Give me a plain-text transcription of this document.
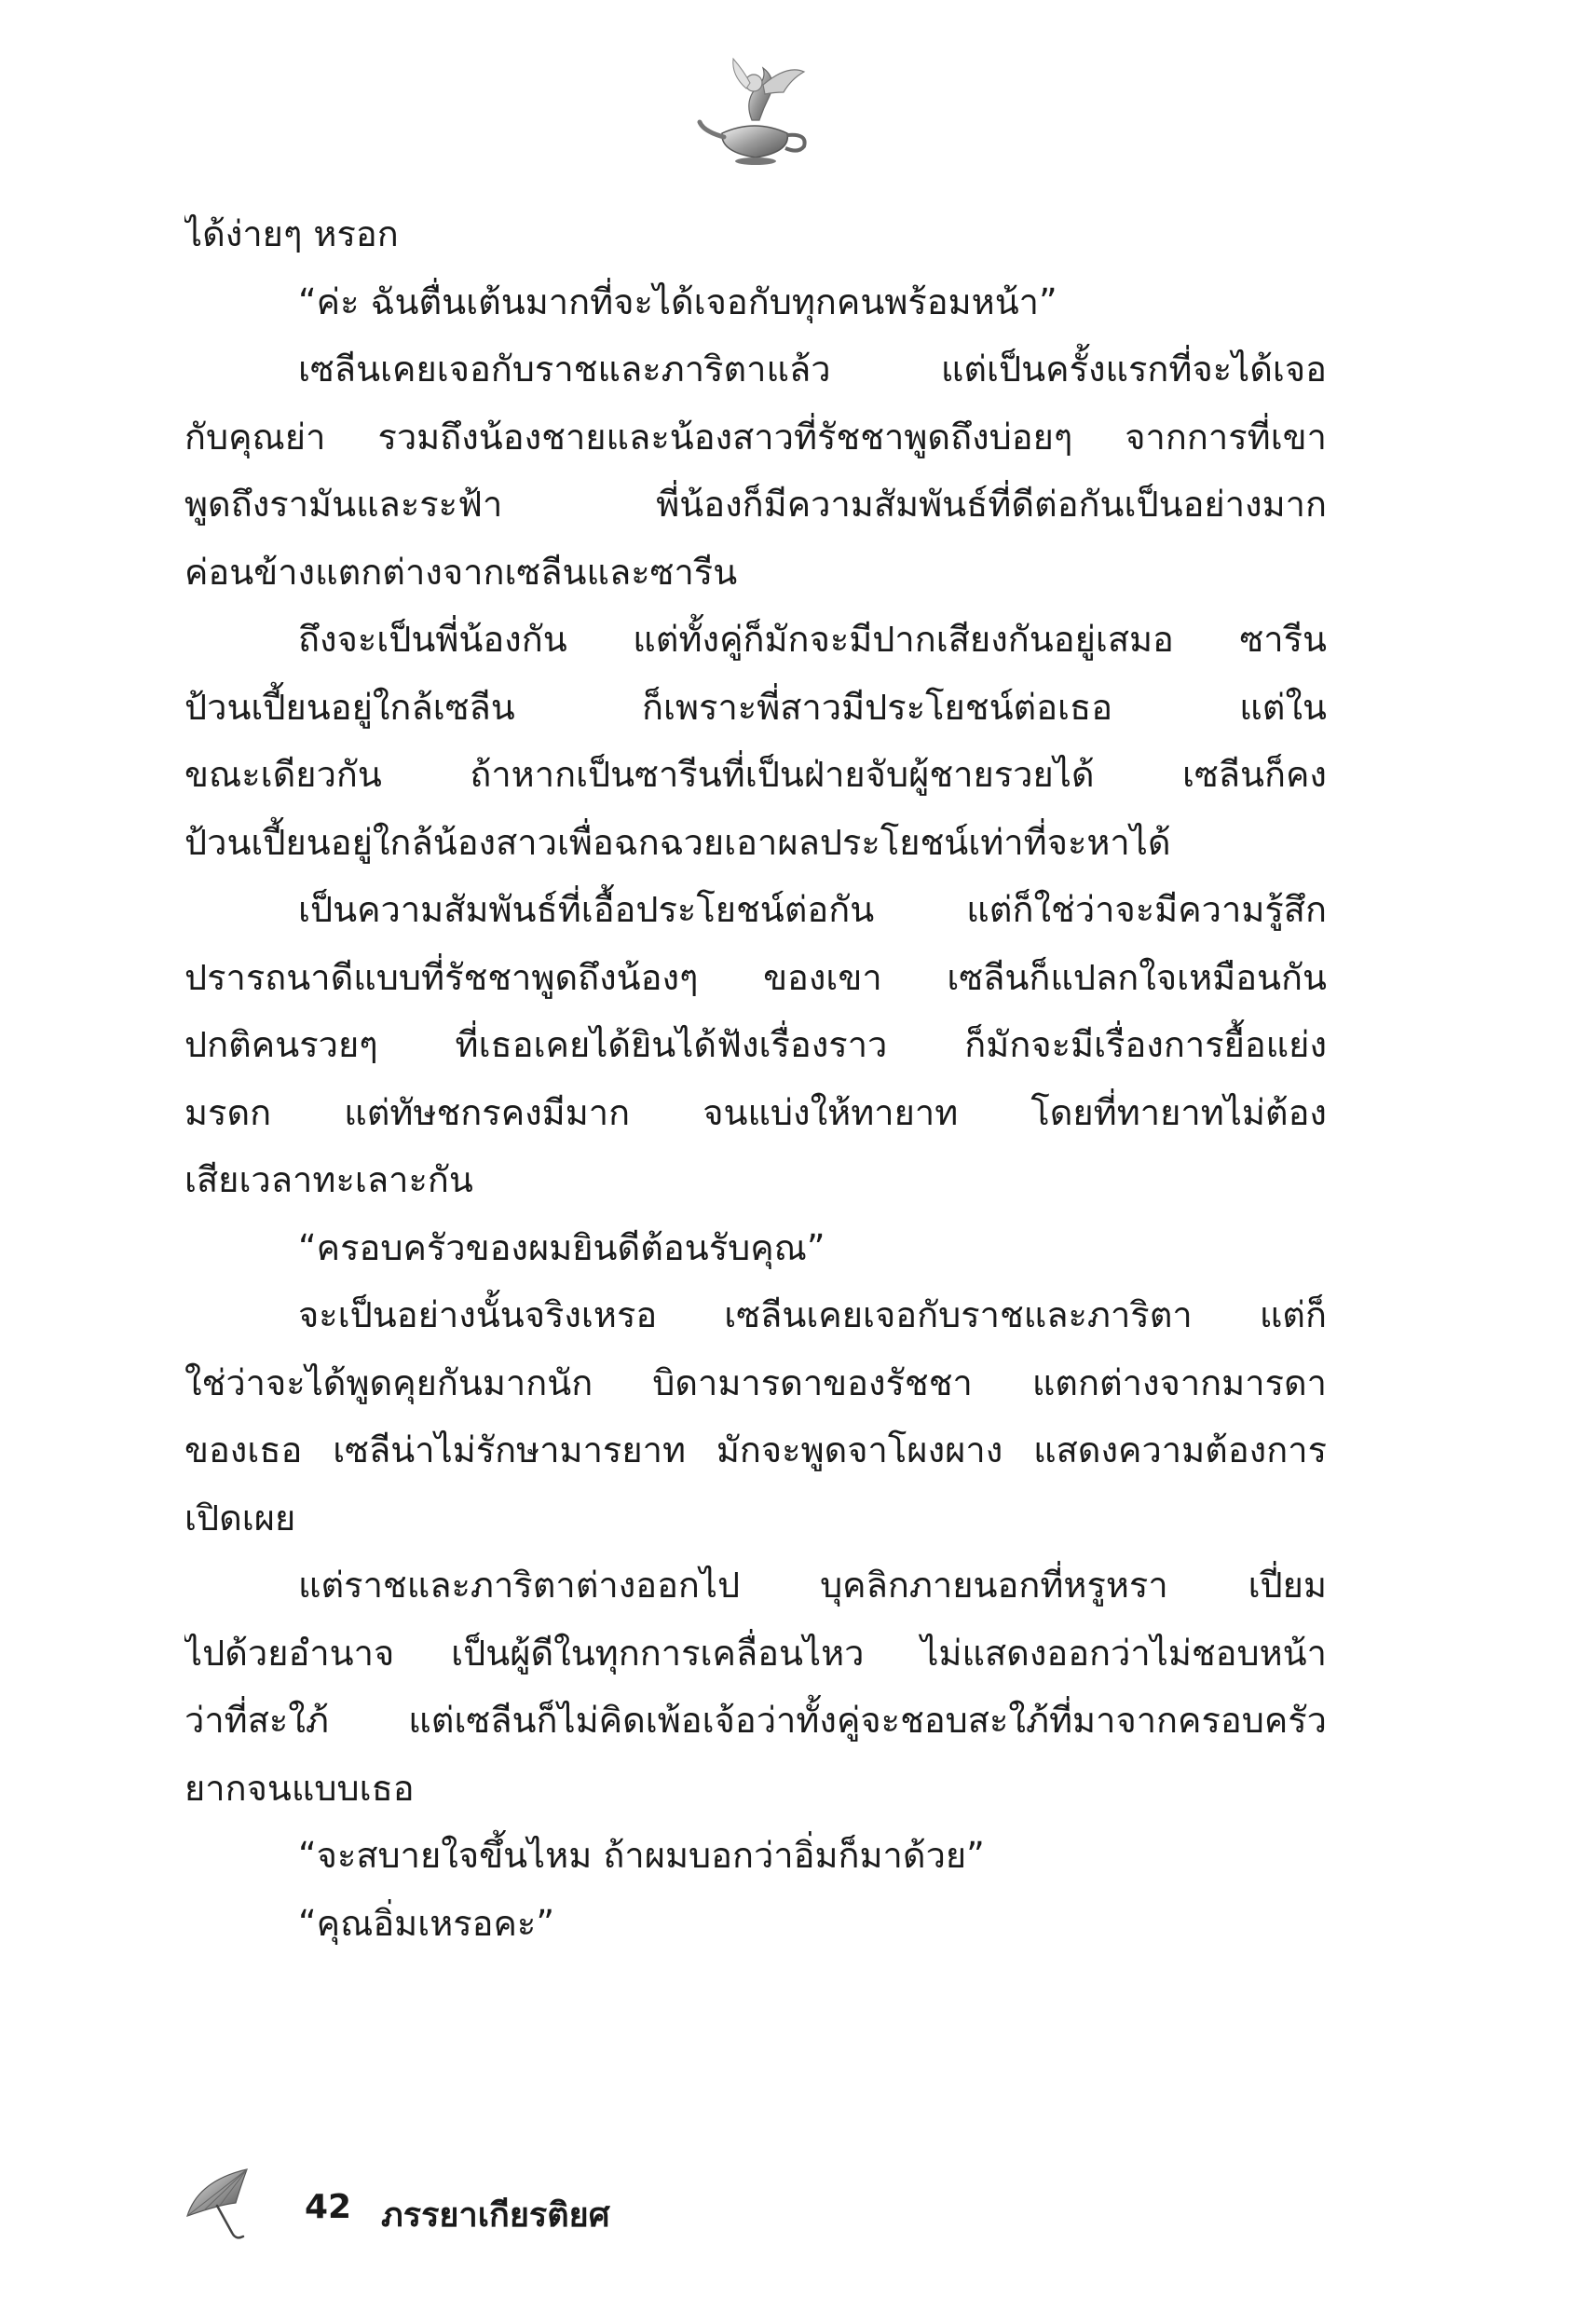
ได้ง่ายๆ หรอก
“ค่ะ ฉันตื่นเต้นมากที่จะได้เจอกับทุกคนพร้อมหน้า”
เซลีนเคยเจอกับราชและภาริตาแล้ว แต่เป็นครั้งแรกที่จะได้เจอ
กับคุณย่า รวมถึงน้องชายและน้องสาวที่รัชชาพูดถึงบ่อยๆ จากการที่เขา
พูดถึงรามันและระฟ้า พี่น้องก็มีความสัมพันธ์ที่ดีต่อกันเป็นอย่างมาก
ค่อนข้างแตกต่างจากเซลีนและซารีน
ถึงจะเป็นพี่น้องกัน แต่ทั้งคู่ก็มักจะมีปากเสียงกันอยู่เสมอ ซารีน
ป้วนเปี้ยนอยู่ใกล้เซลีน ก็เพราะพี่สาวมีประโยชน์ต่อเธอ แต่ใน
ขณะเดียวกัน ถ้าหากเป็นซารีนที่เป็นฝ่ายจับผู้ชายรวยได้ เซลีนก็คง
ป้วนเปี้ยนอยู่ใกล้น้องสาวเพื่อฉกฉวยเอาผลประโยชน์เท่าที่จะหาได้
เป็นความสัมพันธ์ที่เอื้อประโยชน์ต่อกัน แต่ก็ใช่ว่าจะมีความรู้สึก
ปรารถนาดีแบบที่รัชชาพูดถึงน้องๆ ของเขา เซลีนก็แปลกใจเหมือนกัน
ปกติคนรวยๆ ที่เธอเคยได้ยินได้ฟังเรื่องราว ก็มักจะมีเรื่องการยื้อแย่ง
มรดก แต่ทัษชกรคงมีมาก จนแบ่งให้ทายาท โดยที่ทายาทไม่ต้อง
เสียเวลาทะเลาะกัน
“ครอบครัวของผมยินดีต้อนรับคุณ”
จะเป็นอย่างนั้นจริงเหรอ เซลีนเคยเจอกับราชและภาริตา แต่ก็
ใช่ว่าจะได้พูดคุยกันมากนัก บิดามารดาของรัชชา แตกต่างจากมารดา
ของเธอ เซลีน่าไม่รักษามารยาท มักจะพูดจาโผงผาง แสดงความต้องการ
เปิดเผย
แต่ราชและภาริตาต่างออกไป บุคลิกภายนอกที่หรูหรา เปี่ยม
ไปด้วยอำนาจ เป็นผู้ดีในทุกการเคลื่อนไหว ไม่แสดงออกว่าไม่ชอบหน้า
ว่าที่สะใภ้ แต่เซลีนก็ไม่คิดเพ้อเจ้อว่าทั้งคู่จะชอบสะใภ้ที่มาจากครอบครัว
ยากจนแบบเธอ
“จะสบายใจขึ้นไหม ถ้าผมบอกว่าอิ่มก็มาด้วย”
“คุณอิ่มเหรอคะ”
42 ภรรยาเกียรติยศ
